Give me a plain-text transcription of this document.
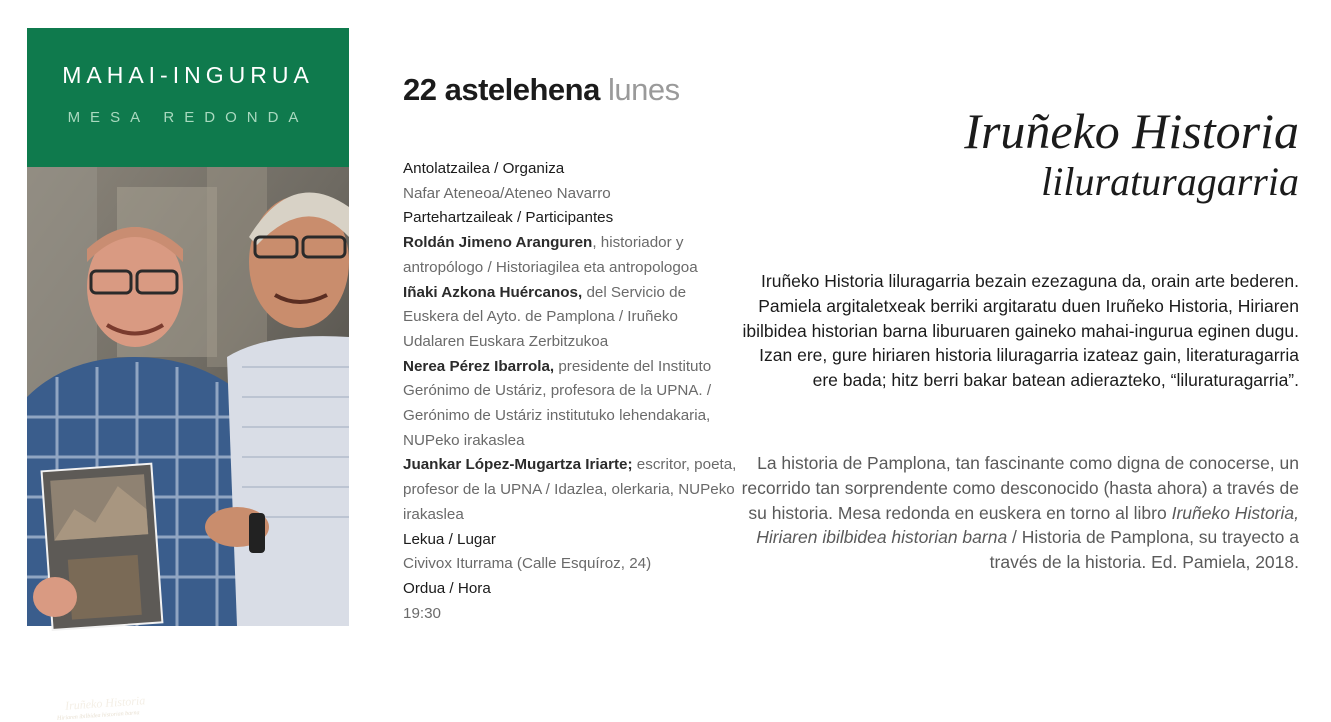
MAHAI-INGURUA
MESA REDONDA
Iruñeko Historia
Hiriaren ibilbidea historian barna
22 astelehena lunes
Antolatzailea / Organiza
Nafar Ateneoa/Ateneo Navarro
Partehartzaileak / Participantes
Roldán Jimeno Aranguren, historiador y antropólogo / Historiagilea eta antropologoa
Iñaki Azkona Huércanos, del Servicio de Euskera del Ayto. de Pamplona / Iruñeko Udalaren Euskara Zerbitzukoa
Nerea Pérez Ibarrola, presidente del Instituto Gerónimo de Ustáriz, profesora de la UPNA. / Gerónimo de Ustáriz institutuko lehendakaria, NUPeko irakaslea
Juankar López-Mugartza Iriarte; escritor, poeta, profesor de la UPNA / Idazlea, olerkaria, NUPeko irakaslea
Lekua / Lugar
Civivox Iturrama (Calle Esquíroz, 24)
Ordua / Hora
19:30
Iruñeko Historia
liluraturagarria
Iruñeko Historia liluragarria bezain ezezaguna da, orain arte bederen. Pamiela argitaletxeak berriki argitaratu duen Iruñeko Historia, Hiriaren ibilbidea historian barna liburuaren gaineko mahai-ingurua eginen dugu. Izan ere, gure hiriaren historia liluragarria izateaz gain, literaturagarria ere bada; hitz berri bakar batean adierazteko, “liluraturagarria”.
La historia de Pamplona, tan fascinante como digna de conocerse, un recorrido tan sorprendente como desconocido (hasta ahora) a través de su historia. Mesa redonda en euskera en torno al libro Iruñeko Historia, Hiriaren ibilbidea historian barna / Historia de Pamplona, su trayecto a través de la historia. Ed. Pamiela, 2018.
